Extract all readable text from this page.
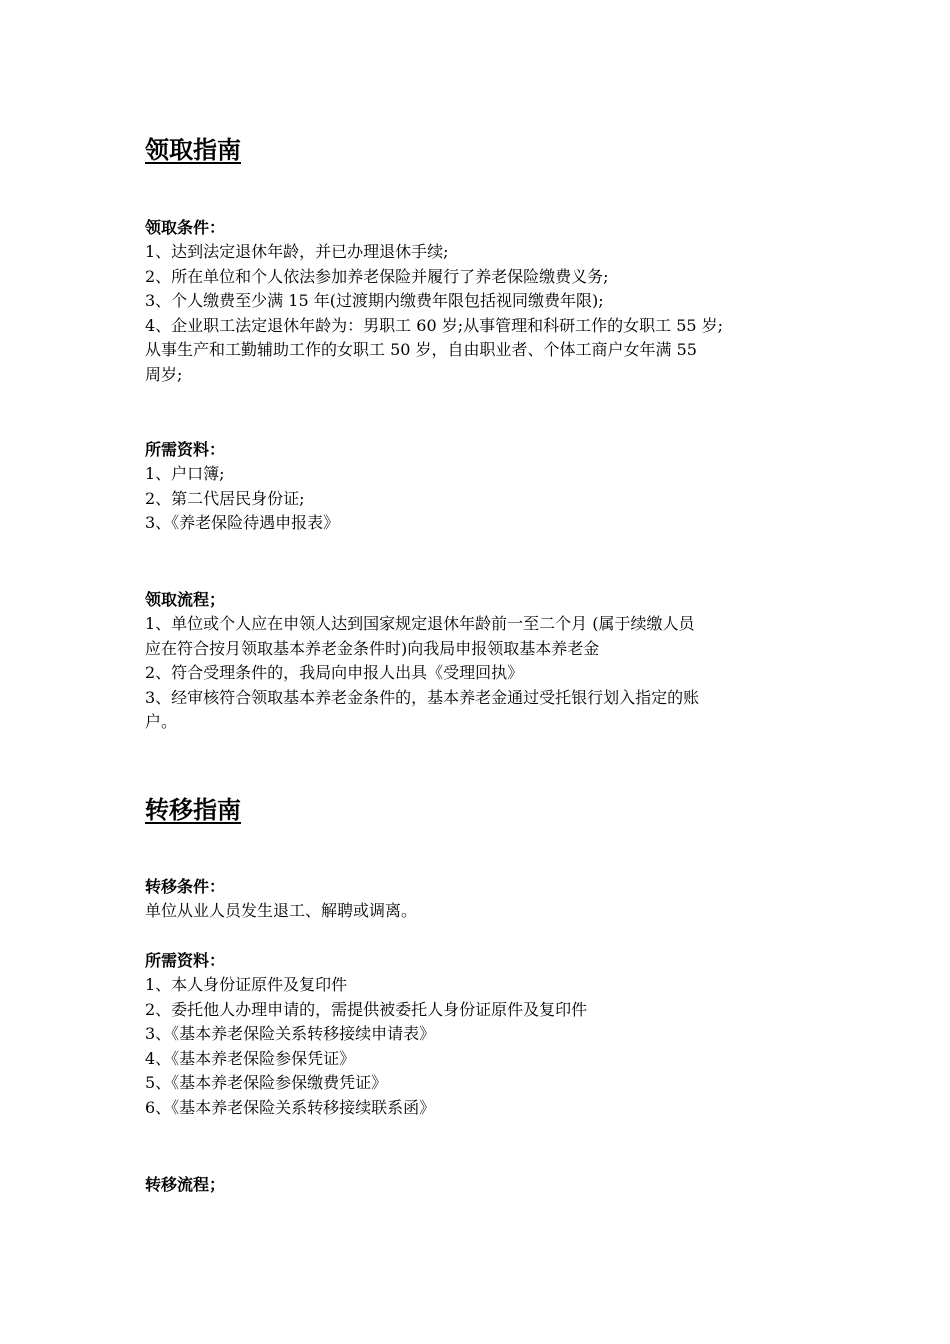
领取指南
领取条件：
1、达到法定退休年龄，并已办理退休手续;
2、所在单位和个人依法参加养老保险并履行了养老保险缴费义务;
3、个人缴费至少满 15 年(过渡期内缴费年限包括视同缴费年限);
4、企业职工法定退休年龄为：男职工 60 岁;从事管理和科研工作的女职工 55 岁;
从事生产和工勤辅助工作的女职工 50 岁，自由职业者、个体工商户女年满 55
周岁;
所需资料：
1、户口簿;
2、第二代居民身份证;
3、《养老保险待遇申报表》
领取流程；
1、单位或个人应在申领人达到国家规定退休年龄前一至二个月 (属于续缴人员
应在符合按月领取基本养老金条件时)向我局申报领取基本养老金
2、符合受理条件的，我局向申报人出具《受理回执》
3、经审核符合领取基本养老金条件的，基本养老金通过受托银行划入指定的账
户。
转移指南
转移条件：
单位从业人员发生退工、解聘或调离。
所需资料：
1、本人身份证原件及复印件
2、委托他人办理申请的，需提供被委托人身份证原件及复印件
3、《基本养老保险关系转移接续申请表》
4、《基本养老保险参保凭证》
5、《基本养老保险参保缴费凭证》
6、《基本养老保险关系转移接续联系函》
转移流程；
